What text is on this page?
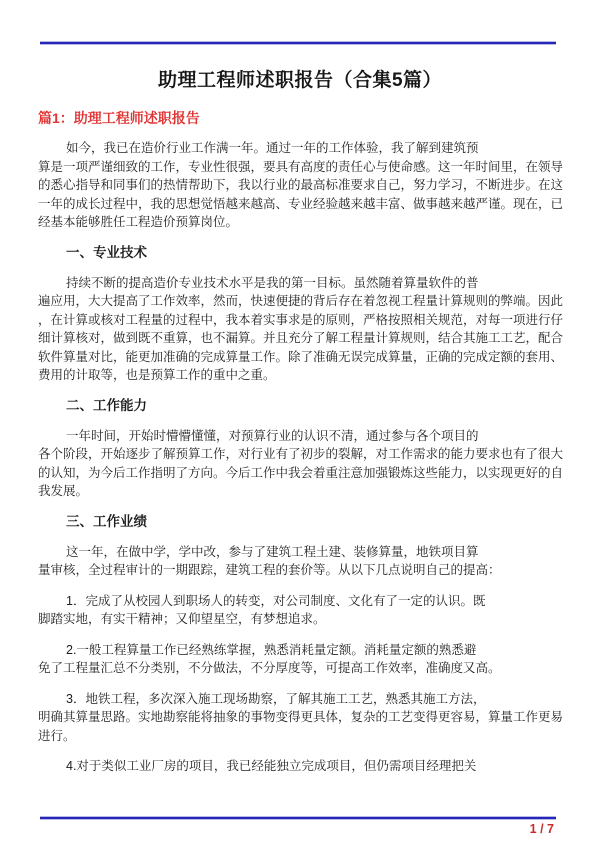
助理工程师述职报告（合集5篇）
篇1：助理工程师述职报告
如今，我已在造价行业工作满一年。通过一年的工作体验，我了解到建筑预
算是一项严谨细致的工作，专业性很强，要具有高度的责任心与使命感。这一年时间里，在领导
的悉心指导和同事们的热情帮助下，我以行业的最高标准要求自己，努力学习，不断进步。在这
一年的成长过程中，我的思想觉悟越来越高、专业经验越来越丰富、做事越来越严谨。现在，已
经基本能够胜任工程造价预算岗位。
一、专业技术
持续不断的提高造价专业技术水平是我的第一目标。虽然随着算量软件的普
遍应用，大大提高了工作效率，然而，快速便捷的背后存在着忽视工程量计算规则的弊端。因此
，在计算或核对工程量的过程中，我本着实事求是的原则，严格按照相关规范，对每一项进行仔
细计算核对，做到既不重算，也不漏算。并且充分了解工程量计算规则，结合其施工工艺，配合
软件算量对比，能更加准确的完成算量工作。除了准确无误完成算量，正确的完成定额的套用、
费用的计取等，也是预算工作的重中之重。
二、工作能力
一年时间，开始时懵懵懂懂，对预算行业的认识不清，通过参与各个项目的
各个阶段，开始逐步了解预算工作，对行业有了初步的裂解，对工作需求的能力要求也有了很大
的认知，为今后工作指明了方向。今后工作中我会着重注意加强锻炼这些能力，以实现更好的自
我发展。
三、工作业绩
这一年，在做中学，学中改，参与了建筑工程土建、装修算量，地铁项目算
量审核，全过程审计的一期跟踪，建筑工程的套价等。从以下几点说明自己的提高：
1．完成了从校园人到职场人的转变，对公司制度、文化有了一定的认识。既
脚踏实地，有实干精神；又仰望星空，有梦想追求。
2.一般工程算量工作已经熟练掌握，熟悉消耗量定额。消耗量定额的熟悉避
免了工程量汇总不分类别，不分做法，不分厚度等，可提高工作效率，准确度又高。
3．地铁工程，多次深入施工现场勘察，了解其施工工艺，熟悉其施工方法，
明确其算量思路。实地勘察能将抽象的事物变得更具体，复杂的工艺变得更容易，算量工作更易
进行。
4.对于类似工业厂房的项目，我已经能独立完成项目，但仍需项目经理把关
1 / 7
